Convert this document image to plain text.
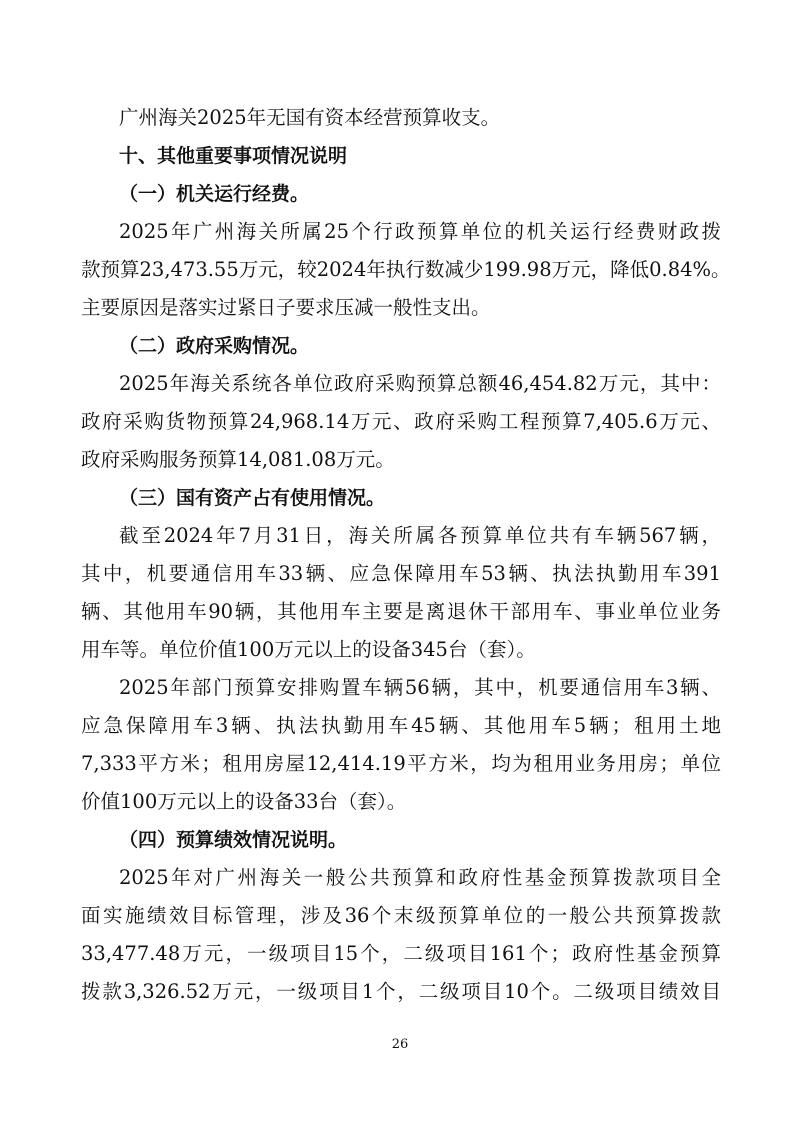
广州海关2025年无国有资本经营预算收支。
十、其他重要事项情况说明
（一）机关运行经费。
2025年广州海关所属25个行政预算单位的机关运行经费财政拨
款预算23,473.55万元，较2024年执行数减少199.98万元，降低0.84%。
主要原因是落实过紧日子要求压减一般性支出。
（二）政府采购情况。
2025年海关系统各单位政府采购预算总额46,454.82万元，其中：
政府采购货物预算24,968.14万元、政府采购工程预算7,405.6万元、
政府采购服务预算14,081.08万元。
（三）国有资产占有使用情况。
截至2024年7月31日，海关所属各预算单位共有车辆567辆，
其中，机要通信用车33辆、应急保障用车53辆、执法执勤用车391
辆、其他用车90辆，其他用车主要是离退休干部用车、事业单位业务
用车等。单位价值100万元以上的设备345台（套）。
2025年部门预算安排购置车辆56辆，其中，机要通信用车3辆、
应急保障用车3辆、执法执勤用车45辆、其他用车5辆；租用土地
7,333平方米；租用房屋12,414.19平方米，均为租用业务用房；单位
价值100万元以上的设备33台（套）。
（四）预算绩效情况说明。
2025年对广州海关一般公共预算和政府性基金预算拨款项目全
面实施绩效目标管理，涉及36个末级预算单位的一般公共预算拨款
33,477.48万元，一级项目15个，二级项目161个；政府性基金预算
拨款3,326.52万元，一级项目1个，二级项目10个。二级项目绩效目
26
